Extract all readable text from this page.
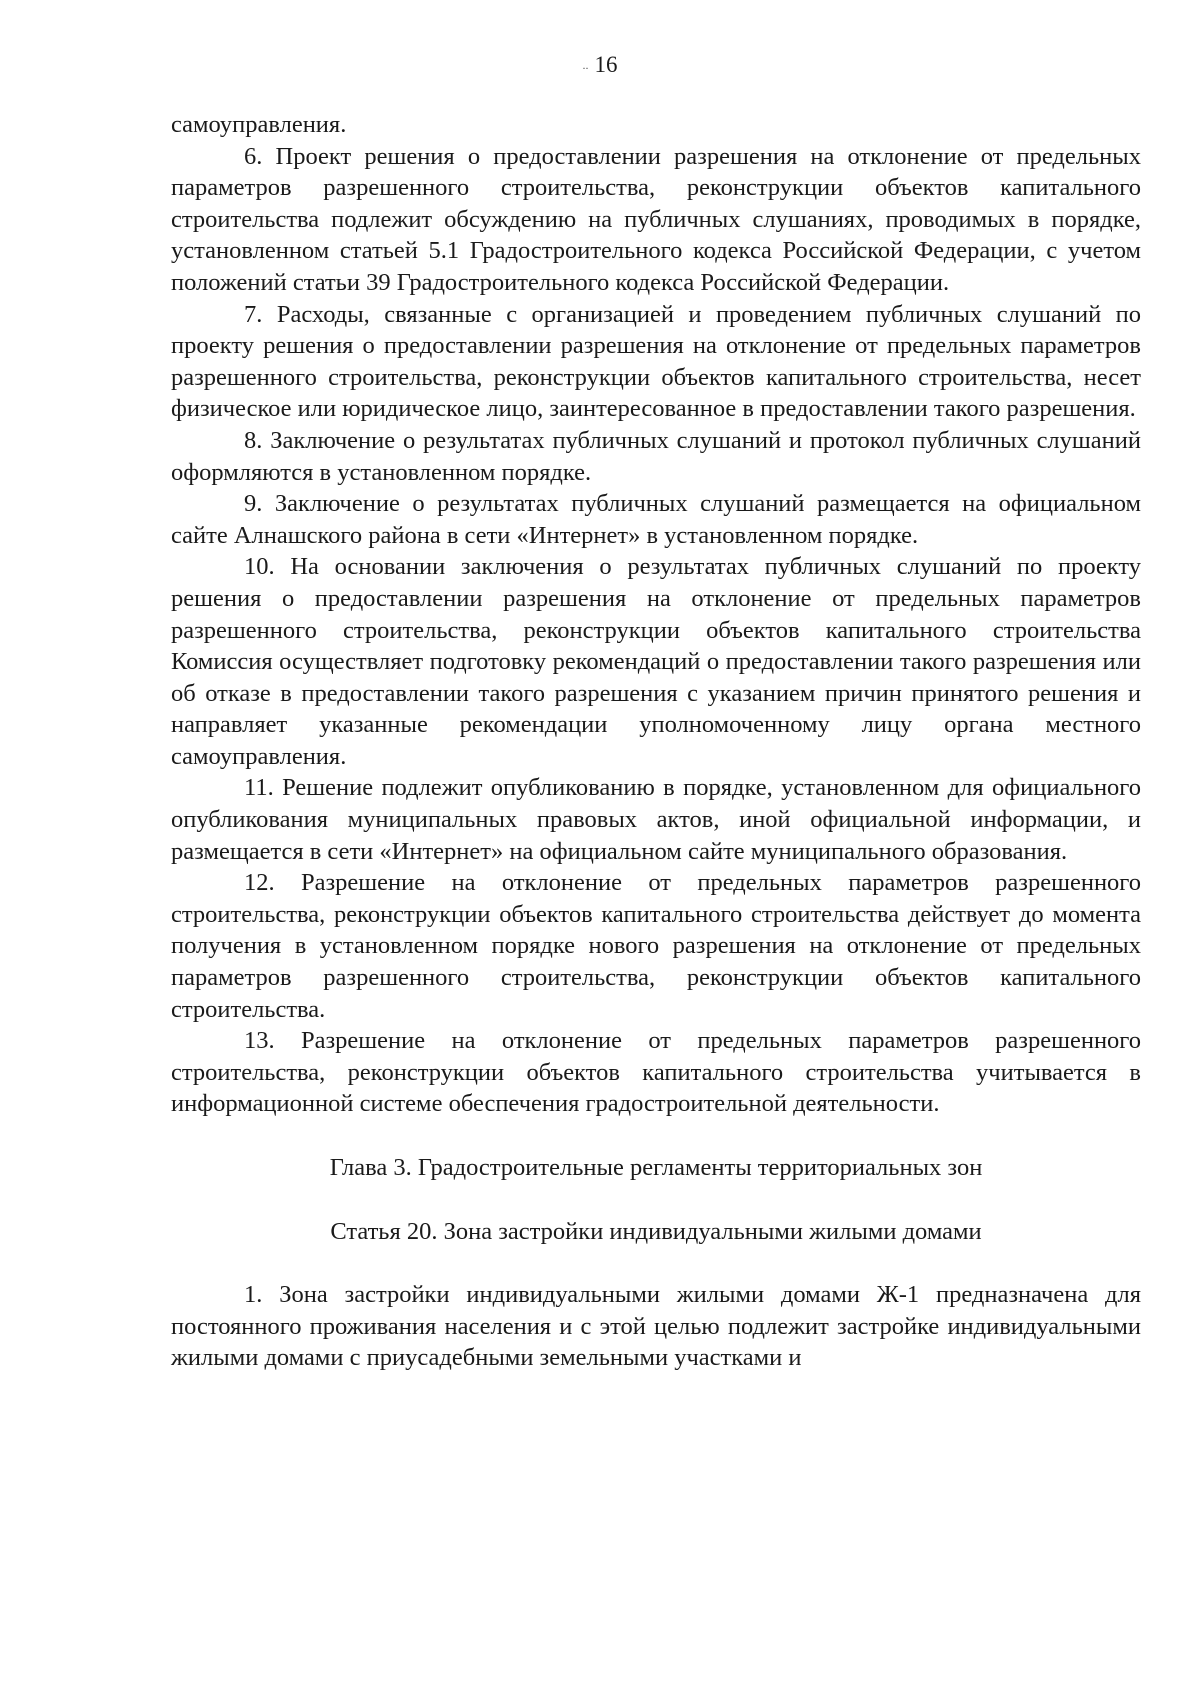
.. 16

самоуправления.

6. Проект решения о предоставлении разрешения на отклонение от предельных параметров разрешенного строительства, реконструкции объектов капитального строительства подлежит обсуждению на публичных слушаниях, проводимых в порядке, установленном статьей 5.1 Градостроительного кодекса Российской Федерации, с учетом положений статьи 39 Градостроительного кодекса Российской Федерации.

7. Расходы, связанные с организацией и проведением публичных слушаний по проекту решения о предоставлении разрешения на отклонение от предельных параметров разрешенного строительства, реконструкции объектов капитального строительства, несет физическое или юридическое лицо, заинтересованное в предоставлении такого разрешения.

8. Заключение о результатах публичных слушаний и протокол публичных слушаний оформляются в установленном порядке.

9. Заключение о результатах публичных слушаний размещается на официальном сайте Алнашского района в сети «Интернет» в установленном порядке.

10. На основании заключения о результатах публичных слушаний по проекту решения о предоставлении разрешения на отклонение от предельных параметров разрешенного строительства, реконструкции объектов капитального строительства Комиссия осуществляет подготовку рекомендаций о предоставлении такого разрешения или об отказе в предоставлении такого разрешения с указанием причин принятого решения и направляет указанные рекомендации уполномоченному лицу органа местного самоуправления.

11. Решение подлежит опубликованию в порядке, установленном для официального опубликования муниципальных правовых актов, иной официальной информации, и размещается в сети «Интернет» на официальном сайте муниципального образования.

12. Разрешение на отклонение от предельных параметров разрешенного строительства, реконструкции объектов капитального строительства действует до момента получения в установленном порядке нового разрешения на отклонение от предельных параметров разрешенного строительства, реконструкции объектов капитального строительства.

13. Разрешение на отклонение от предельных параметров разрешенного строительства, реконструкции объектов капитального строительства учитывается в информационной системе обеспечения градостроительной деятельности.

Глава 3. Градостроительные регламенты территориальных зон
Статья 20. Зона застройки индивидуальными жилыми домами

1. Зона застройки индивидуальными жилыми домами Ж-1 предназначена для постоянного проживания населения и с этой целью подлежит застройке индивидуальными жилыми домами с приусадебными земельными участками и
